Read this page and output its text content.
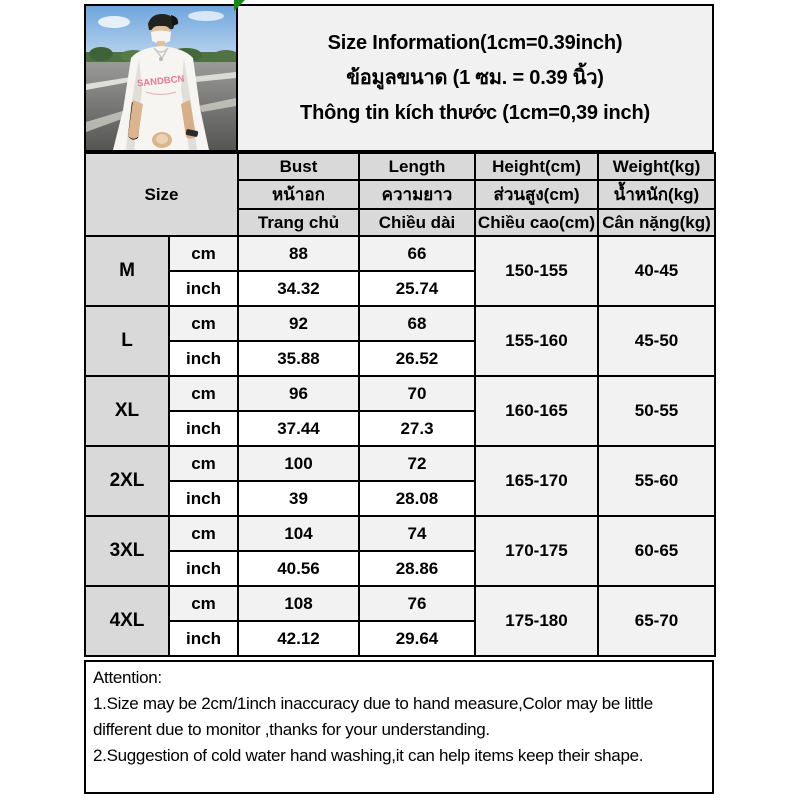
SANDBCN
Size Information(1cm=0.39inch)
ข้อมูลขนาด (1 ซม. = 0.39 นิ้ว)
Thông tin kích thước (1cm=0,39 inch)
Size		Bust	Length	Height(cm)	Weight(kg)
		หน้าอก	ความยาว	ส่วนสูง(cm)	น้ำหนัก(kg)
		Trang chủ	Chiều dài	Chiều cao(cm)	Cân nặng(kg)
M	cm	88	66	150-155	40-45
	inch	34.32	25.74		
L	cm	92	68	155-160	45-50
	inch	35.88	26.52		
XL	cm	96	70	160-165	50-55
	inch	37.44	27.3		
2XL	cm	100	72	165-170	55-60
	inch	39	28.08		
3XL	cm	104	74	170-175	60-65
	inch	40.56	28.86		
4XL	cm	108	76	175-180	65-70
	inch	42.12	29.64		

Attention:

1.Size may be 2cm/1inch inaccuracy due to hand measure,Color may be little different due to monitor ,thanks for your understanding.

2.Suggestion of cold water hand washing,it can help items keep their shape.
